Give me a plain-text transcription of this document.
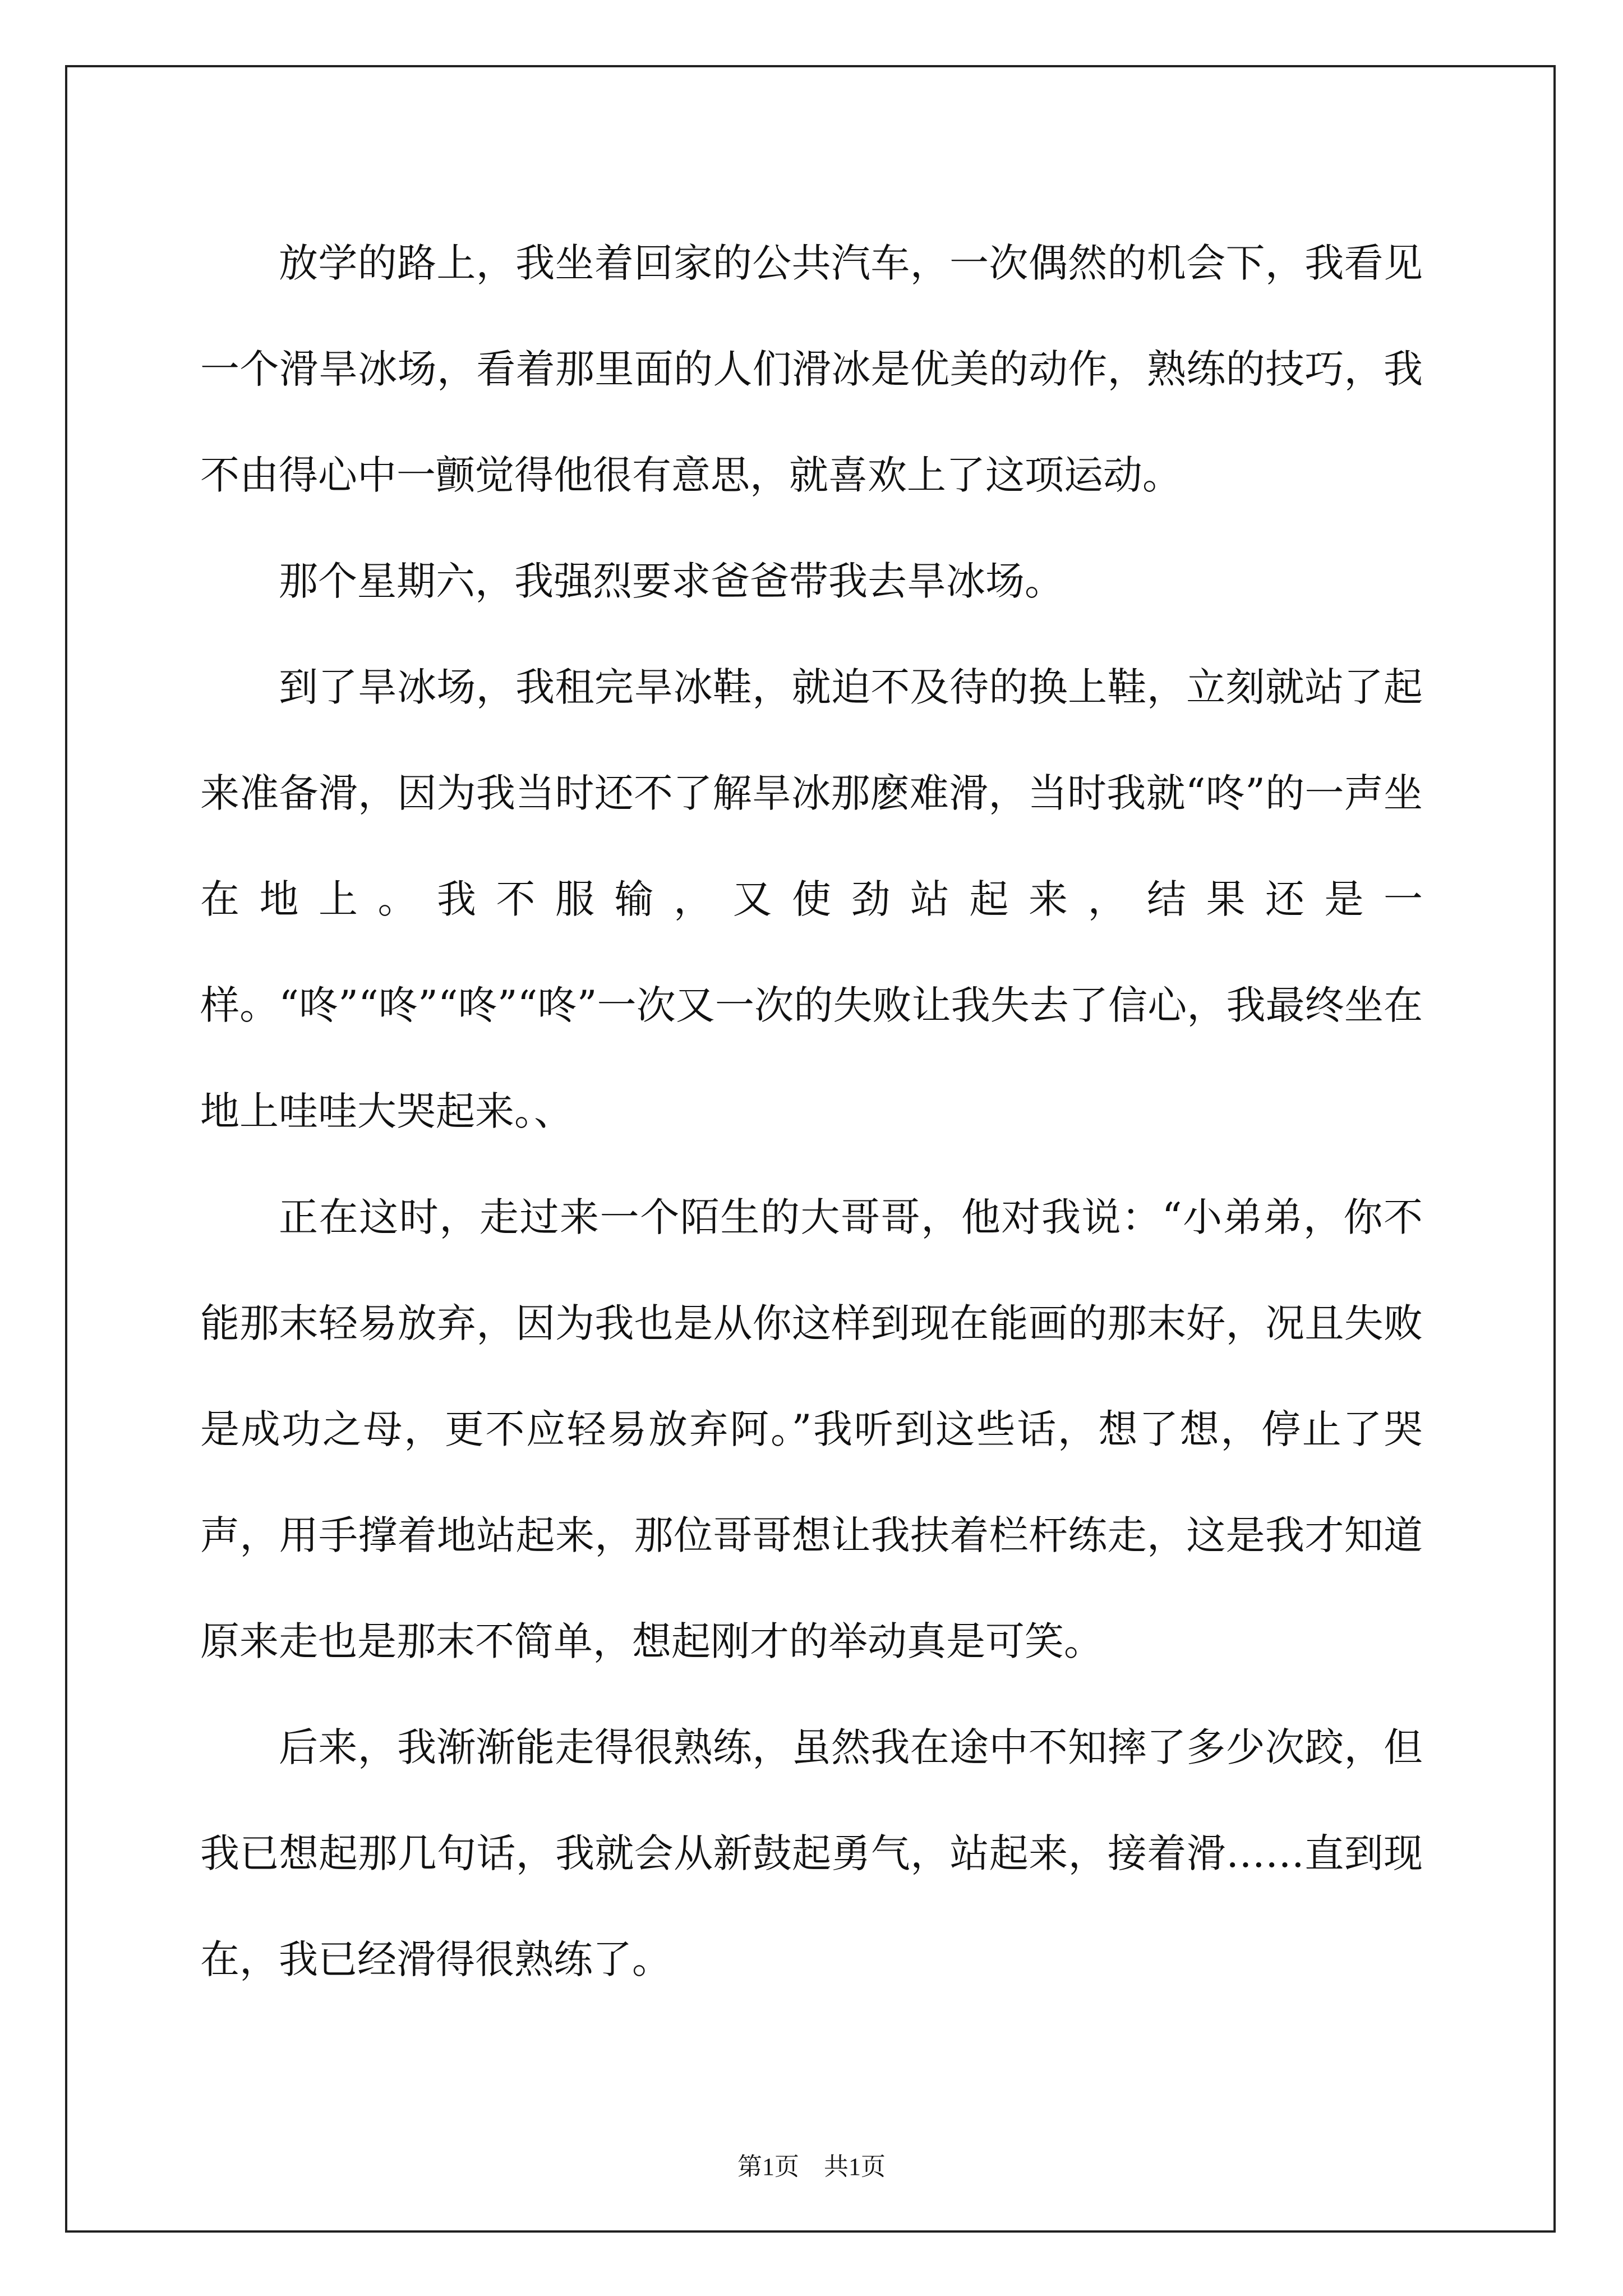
放学的路上，我坐着回家的公共汽车，一次偶然的机会下，我看见一个滑旱冰场，看着那里面的人们滑冰是优美的动作，熟练的技巧，我不由得心中一颤觉得他很有意思，就喜欢上了这项运动。

那个星期六，我强烈要求爸爸带我去旱冰场。

到了旱冰场，我租完旱冰鞋，就迫不及待的换上鞋，立刻就站了起来准备滑，因为我当时还不了解旱冰那麽难滑，当时我就“咚”的一声坐在地上。我不服输，又使劲站起来，结果还是一样。“咚”“咚”“咚”“咚”一次又一次的失败让我失去了信心，我最终坐在地上哇哇大哭起来。、

正在这时，走过来一个陌生的大哥哥，他对我说：“小弟弟，你不能那末轻易放弃，因为我也是从你这样到现在能画的那末好，况且失败是成功之母，更不应轻易放弃阿。”我听到这些话，想了想，停止了哭声，用手撑着地站起来，那位哥哥想让我扶着栏杆练走，这是我才知道原来走也是那末不简单，想起刚才的举动真是可笑。

后来，我渐渐能走得很熟练，虽然我在途中不知摔了多少次跤，但我已想起那几句话，我就会从新鼓起勇气，站起来，接着滑……直到现在，我已经滑得很熟练了。

第1页　共1页
